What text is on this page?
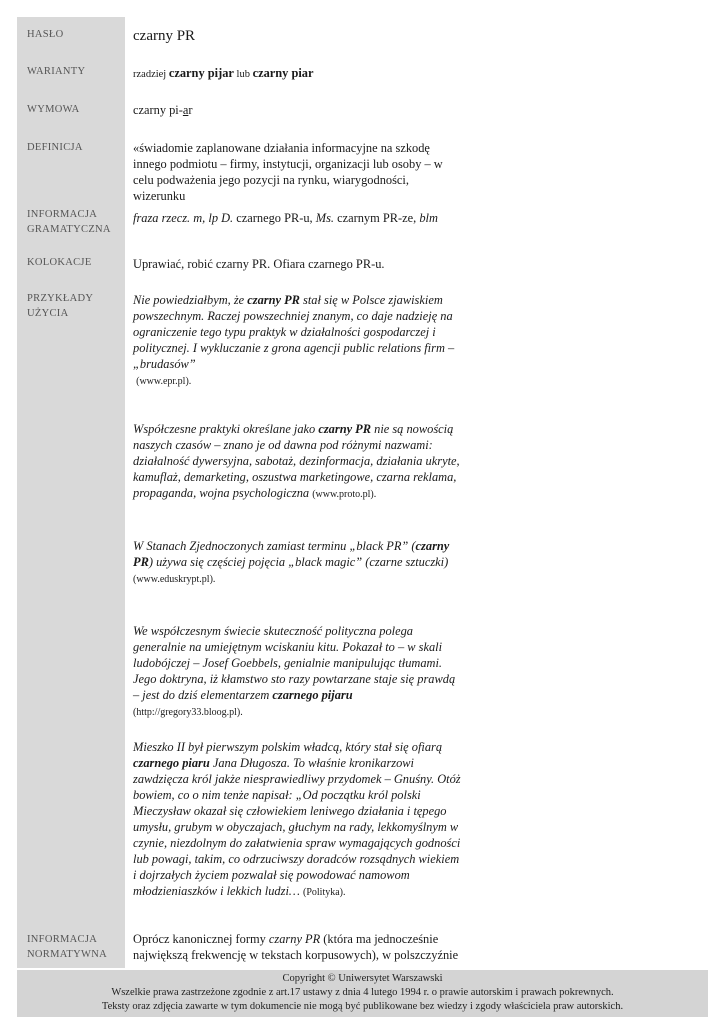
HASŁO
WARIANTY
WYMOWA
DEFINICJA
INFORMACJA
GRAMATYCZNA
KOLOKACJE
PRZYKŁADY
UŻYCIA
INFORMACJA
NORMATYWNA
czarny PR
rzadziej czarny pijar lub czarny piar
czarny pi-ar
«świadomie zaplanowane działania informacyjne na szkodę innego podmiotu – firmy, instytucji, organizacji lub osoby – w celu podważenia jego pozycji na rynku, wiarygodności, wizerunku
fraza rzecz. m, lp D. czarnego PR-u, Ms. czarnym PR-ze, blm
Uprawiać, robić czarny PR. Ofiara czarnego PR-u.
Nie powiedziałbym, że czarny PR stał się w Polsce zjawiskiem powszechnym. Raczej powszechniej znanym, co daje nadzieję na ograniczenie tego typu praktyk w działalności gospodarczej i politycznej. I wykluczanie z grona agencji public relations firm – „brudasów”
(www.epr.pl).
Współczesne praktyki określane jako czarny PR nie są nowością naszych czasów – znano je od dawna pod różnymi nazwami: działalność dywersyjna, sabotaż, dezinformacja, działania ukryte, kamuflaż, demarketing, oszustwa marketingowe, czarna reklama, propaganda, wojna psychologiczna (www.proto.pl).
W Stanach Zjednoczonych zamiast terminu „black PR” (czarny PR) używa się częściej pojęcia „black magic” (czarne sztuczki) (www.eduskrypt.pl).
We współczesnym świecie skuteczność polityczna polega generalnie na umiejętnym wciskaniu kitu. Pokazał to – w skali ludobójczej – Josef Goebbels, genialnie manipulując tłumami. Jego doktryna, iż kłamstwo sto razy powtarzane staje się prawdą – jest do dziś elementarzem czarnego pijaru (http://gregory33.bloog.pl).
Mieszko II był pierwszym polskim władcą, który stał się ofiarą czarnego piaru Jana Długosza. To właśnie kronikarzowi zawdzięcza król jakże niesprawiedliwy przydomek – Gnuśny. Otóż bowiem, co o nim tenże napisał: „Od początku król polski Mieczysław okazał się człowiekiem leniwego działania i tępego umysłu, grubym w obyczajach, głuchym na rady, lekkomyślnym w czynie, niezdolnym do załatwienia spraw wymagających godności lub powagi, takim, co odrzuciwszy doradców rozsądnych wiekiem i dojrzałych życiem pozwalał się powodować namowom młodzieniaszków i lekkich ludzi… (Polityka).
Oprócz kanonicznej formy czarny PR (która ma jednocześnie największą frekwencję w tekstach korpusowych), w polszczyźnie
Copyright © Uniwersytet Warszawski
Wszelkie prawa zastrzeżone zgodnie z art.17 ustawy z dnia 4 lutego 1994 r. o prawie autorskim i prawach pokrewnych.
Teksty oraz zdjęcia zawarte w tym dokumencie nie mogą być publikowane bez wiedzy i zgody właściciela praw autorskich.
